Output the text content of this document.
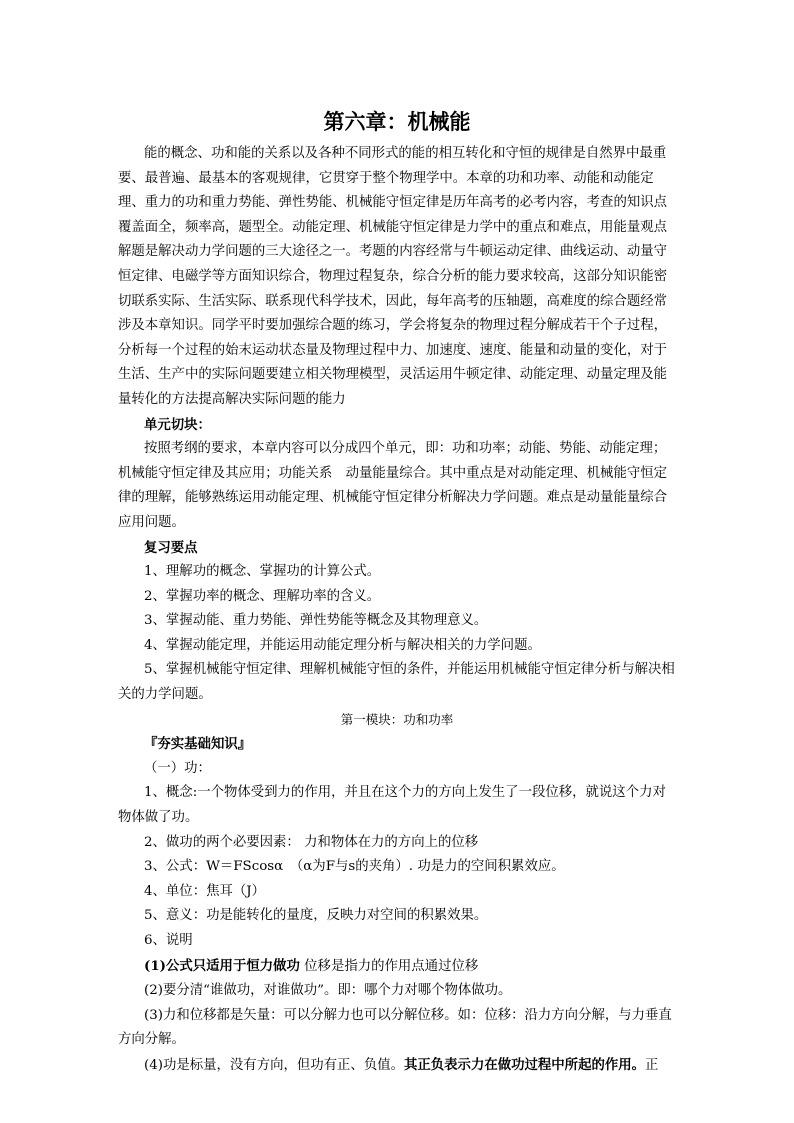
第六章：机械能

能的概念、功和能的关系以及各种不同形式的能的相互转化和守恒的规律是自然界中最重要、最普遍、最基本的客观规律，它贯穿于整个物理学中。本章的功和功率、动能和动能定理、重力的功和重力势能、弹性势能、机械能守恒定律是历年高考的必考内容，考查的知识点覆盖面全，频率高，题型全。动能定理、机械能守恒定律是力学中的重点和难点，用能量观点解题是解决动力学问题的三大途径之一。考题的内容经常与牛顿运动定律、曲线运动、动量守恒定律、电磁学等方面知识综合，物理过程复杂，综合分析的能力要求较高，这部分知识能密切联系实际、生活实际、联系现代科学技术，因此，每年高考的压轴题，高难度的综合题经常涉及本章知识。同学平时要加强综合题的练习，学会将复杂的物理过程分解成若干个子过程，分析每一个过程的始末运动状态量及物理过程中力、加速度、速度、能量和动量的变化，对于生活、生产中的实际问题要建立相关物理模型，灵活运用牛顿定律、动能定理、动量定理及能量转化的方法提高解决实际问题的能力

单元切块：

按照考纲的要求，本章内容可以分成四个单元，即：功和功率；动能、势能、动能定理；机械能守恒定律及其应用；功能关系　动量能量综合。其中重点是对动能定理、机械能守恒定律的理解，能够熟练运用动能定理、机械能守恒定律分析解决力学问题。难点是动量能量综合应用问题。

复习要点

1、理解功的概念、掌握功的计算公式。

2、掌握功率的概念、理解功率的含义。

3、掌握动能、重力势能、弹性势能等概念及其物理意义。

4、掌握动能定理，并能运用动能定理分析与解决相关的力学问题。

5、掌握机械能守恒定律、理解机械能守恒的条件，并能运用机械能守恒定律分析与解决相关的力学问题。

第一模块：功和功率

『夯实基础知识』

（一）功：

1、概念:一个物体受到力的作用，并且在这个力的方向上发生了一段位移，就说这个力对物体做了功。

2、做功的两个必要因素： 力和物体在力的方向上的位移

3、公式：W＝FScosα　（α为F与s的夹角）. 功是力的空间积累效应。

4、单位：焦耳（J）

5、意义：功是能转化的量度，反映力对空间的积累效果。

6、说明

(1)公式只适用于恒力做功 位移是指力的作用点通过位移

(2)要分清“谁做功，对谁做功”。即：哪个力对哪个物体做功。

(3)力和位移都是矢量：可以分解力也可以分解位移。如：位移：沿力方向分解，与力垂直方向分解。

(4)功是标量，没有方向，但功有正、负值。其正负表示力在做功过程中所起的作用。正
